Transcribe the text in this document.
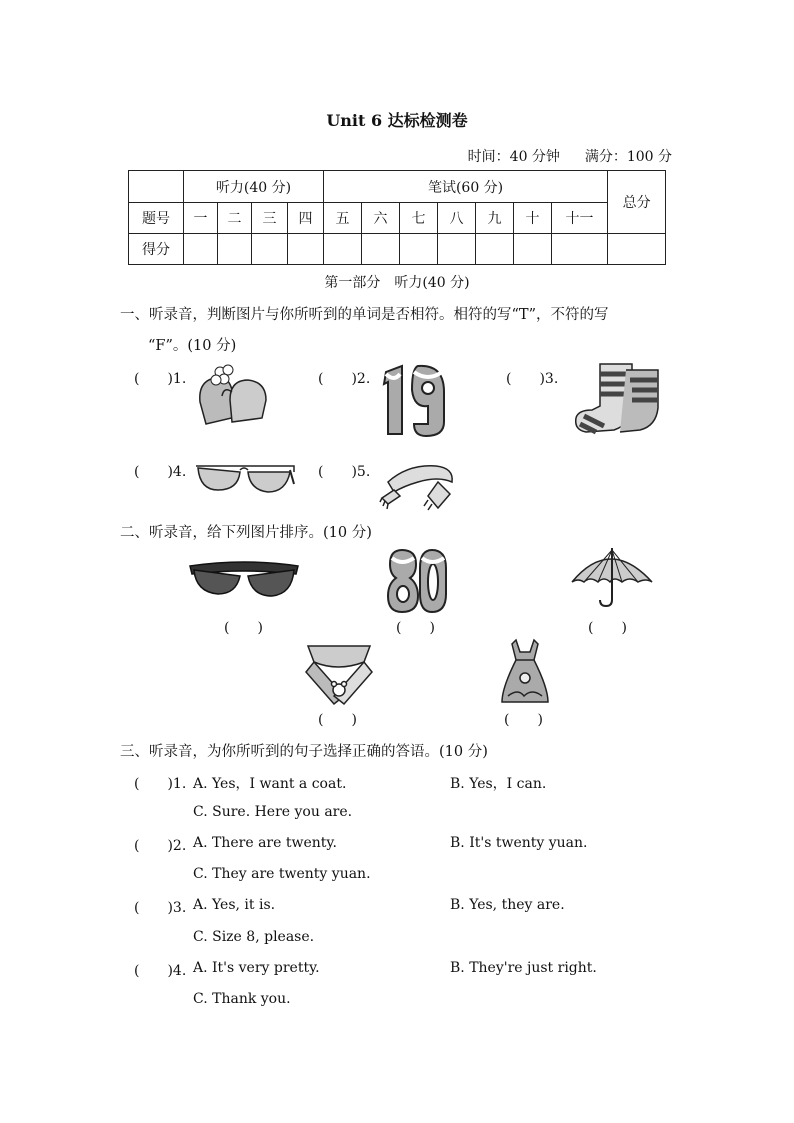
Unit 6 达标检测卷
时间：40 分钟 满分：100 分
	听力(40 分)				笔试(60 分)							总分
题号	一	二	三	四	五	六	七	八	九	十	十一	
得分												
第一部分　听力(40 分)
一、听录音，判断图片与你所听到的单词是否相符。相符的写“T”，不符的写
“F”。(10 分)
(　　)1.	(　　)2.	(　　)3.
(　　)4.	(　　)5.
二、听录音，给下列图片排序。(10 分)
(　　)	(　　)	(　　)
(　　)	(　　)
三、听录音，为你所听到的句子选择正确的答语。(10 分)
(　　)1. A. Yes，I want a coat.	B. Yes，I can.
C. Sure. Here you are.
(　　)2. A. There are twenty.	B. It's twenty yuan.
C. They are twenty yuan.
(　　)3. A. Yes, it is.	B. Yes, they are.
C. Size 8, please.
(　　)4. A. It's very pretty.	B. They're just right.
C. Thank you.
